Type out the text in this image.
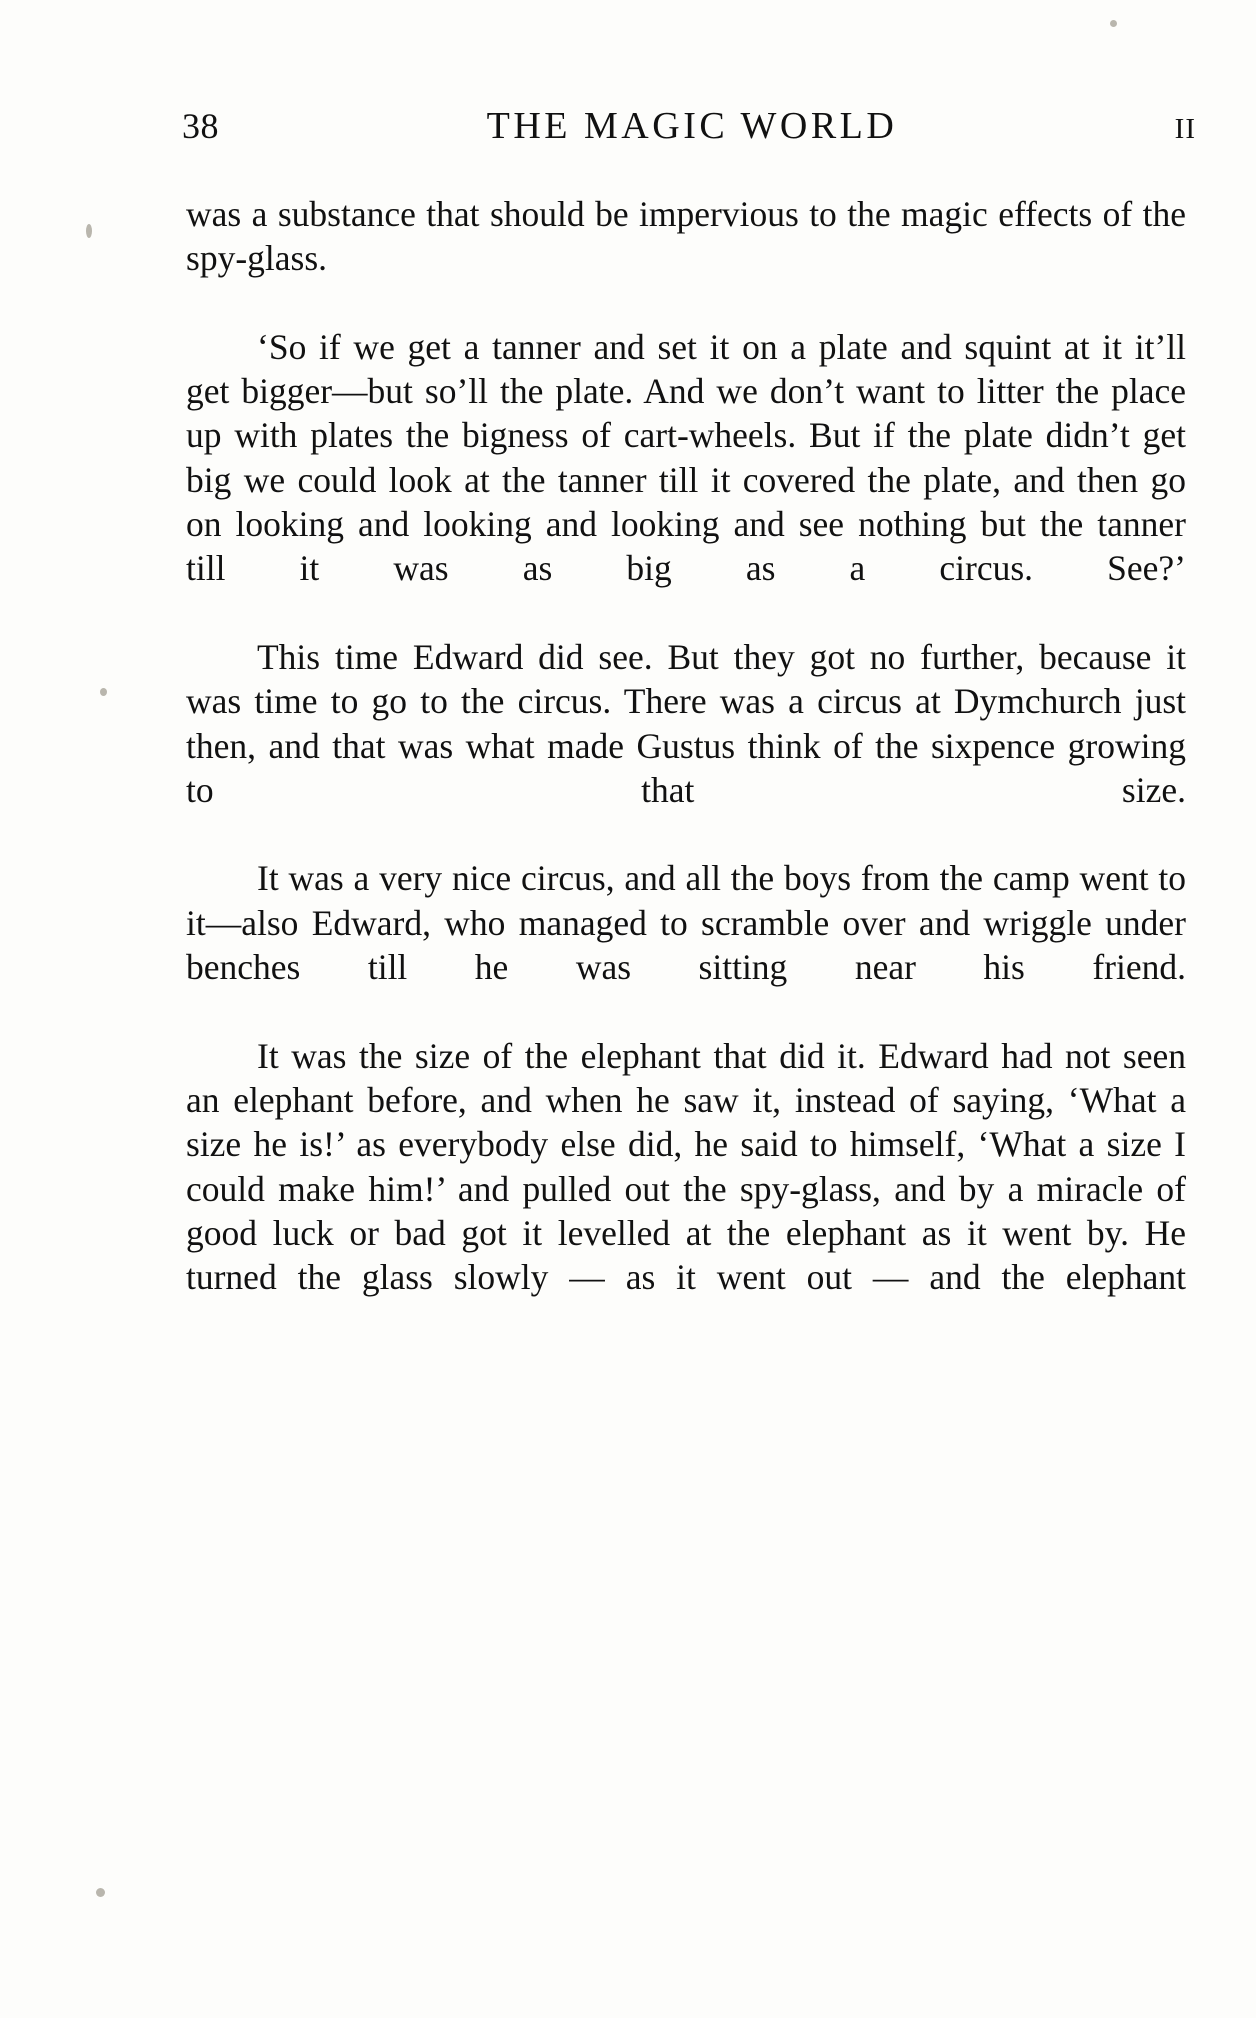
38	THE MAGIC WORLD	II

was a substance that should be impervious to the magic effects of the spy-glass.

‘So if we get a tanner and set it on a plate and squint at it it’ll get bigger—but so’ll the plate. And we don’t want to litter the place up with plates the bigness of cart-wheels. But if the plate didn’t get big we could look at the tanner till it covered the plate, and then go on looking and looking and looking and see nothing but the tanner till it was as big as a circus. See?’

This time Edward did see. But they got no further, because it was time to go to the circus. There was a circus at Dymchurch just then, and that was what made Gustus think of the sixpence growing to that size.

It was a very nice circus, and all the boys from the camp went to it—also Edward, who managed to scramble over and wriggle under benches till he was sitting near his friend.

It was the size of the elephant that did it. Edward had not seen an elephant before, and when he saw it, instead of saying, ‘What a size he is!’ as everybody else did, he said to himself, ‘What a size I could make him!’ and pulled out the spy-glass, and by a miracle of good luck or bad got it levelled at the elephant as it went by. He turned the glass slowly — as it went out — and the elephant
